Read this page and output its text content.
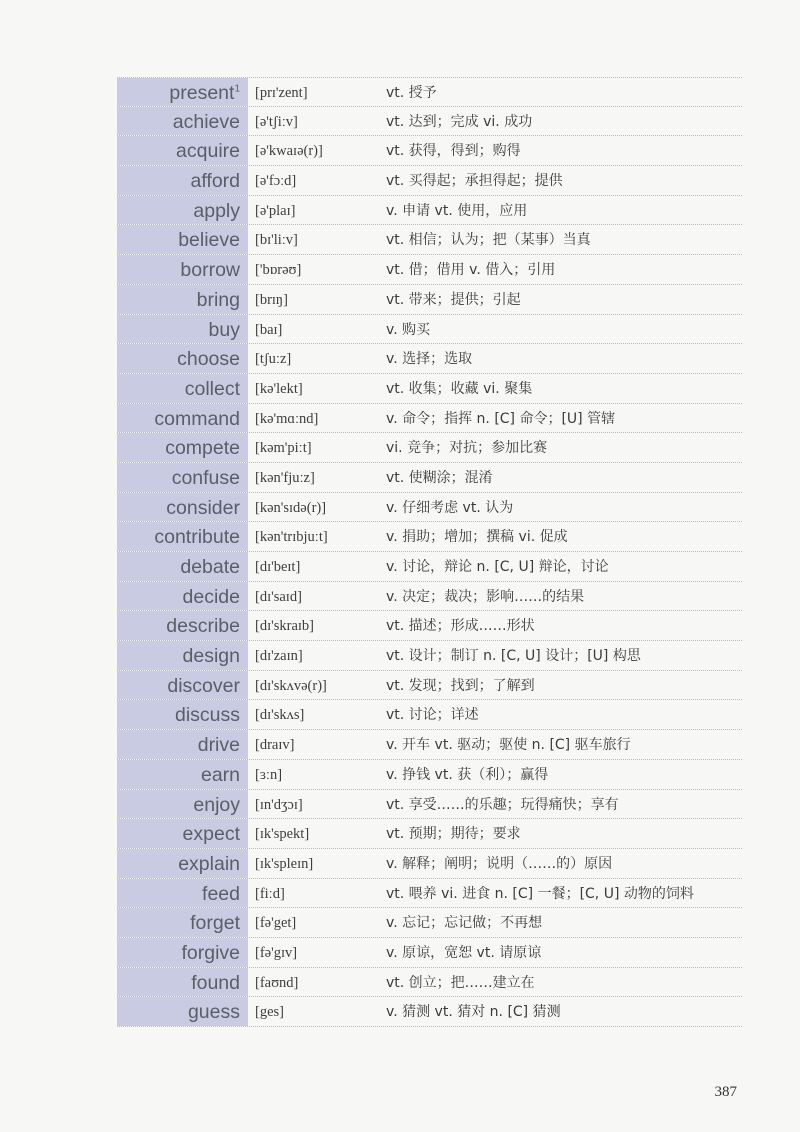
present$^1$	[prɪ'zent]	vt. 授予
achieve	[ə'tʃiːv]	vt. 达到；完成 vi. 成功
acquire	[ə'kwaɪə(r)]	vt. 获得，得到；购得
afford	[ə'fɔːd]	vt. 买得起；承担得起；提供
apply	[ə'plaɪ]	v. 申请 vt. 使用，应用
believe	[bɪ'liːv]	vt. 相信；认为；把（某事）当真
borrow	['bɒrəʊ]	vt. 借；借用 v. 借入；引用
bring	[brɪŋ]	vt. 带来；提供；引起
buy	[baɪ]	v. 购买
choose	[tʃuːz]	v. 选择；选取
collect	[kə'lekt]	vt. 收集；收藏 vi. 聚集
command	[kə'mɑːnd]	v. 命令；指挥 n. [C] 命令；[U] 管辖
compete	[kəm'piːt]	vi. 竞争；对抗；参加比赛
confuse	[kən'fjuːz]	vt. 使糊涂；混淆
consider	[kən'sɪdə(r)]	v. 仔细考虑 vt. 认为
contribute	[kən'trɪbjuːt]	v. 捐助；增加；撰稿 vi. 促成
debate	[dɪ'beɪt]	v. 讨论，辩论 n. [C, U] 辩论，讨论
decide	[dɪ'saɪd]	v. 决定；裁决；影响……的结果
describe	[dɪ'skraɪb]	vt. 描述；形成……形状
design	[dɪ'zaɪn]	vt. 设计；制订 n. [C, U] 设计；[U] 构思
discover	[dɪ'skʌvə(r)]	vt. 发现；找到；了解到
discuss	[dɪ'skʌs]	vt. 讨论；详述
drive	[draɪv]	v. 开车 vt. 驱动；驱使 n. [C] 驱车旅行
earn	[ɜːn]	v. 挣钱 vt. 获（利）；赢得
enjoy	[ɪn'dʒɔɪ]	vt. 享受……的乐趣；玩得痛快；享有
expect	[ɪk'spekt]	vt. 预期；期待；要求
explain	[ɪk'spleɪn]	v. 解释；阐明；说明（……的）原因
feed	[fiːd]	vt. 喂养 vi. 进食 n. [C] 一餐；[C, U] 动物的饲料
forget	[fə'get]	v. 忘记；忘记做；不再想
forgive	[fə'gɪv]	v. 原谅，宽恕 vt. 请原谅
found	[faʊnd]	vt. 创立；把……建立在
guess	[ges]	v. 猜测 vt. 猜对 n. [C] 猜测
387
